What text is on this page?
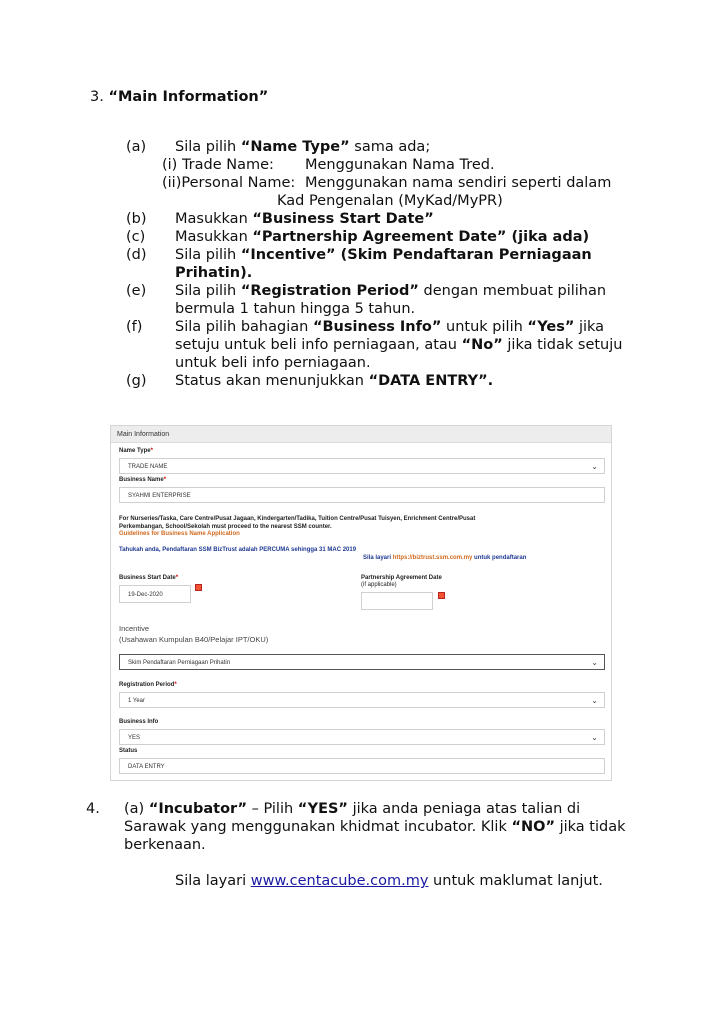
3. “Main Information”
(a) Sila pilih “Name Type” sama ada;
(i) Trade Name: Menggunakan Nama Tred.
(ii)Personal Name: Menggunakan nama sendiri seperti dalam
Kad Pengenalan (MyKad/MyPR)
(b) Masukkan “Business Start Date”
(c)	Masukkan “Partnership Agreement Date” (jika ada)
(d) Sila pilih “Incentive” (Skim Pendaftaran Perniagaan
Prihatin).
(e) Sila pilih “Registration Period” dengan membuat pilihan
bermula 1 tahun hingga 5 tahun.
(f)	Sila pilih bahagian “Business Info” untuk pilih “Yes” jika
setuju untuk beli info perniagaan, atau “No” jika tidak setuju
untuk beli info perniagaan.
(g) Status akan menunjukkan “DATA ENTRY”.
Main Information
Name Type*
TRADE NAME	⌄
Business Name*
SYAHMI ENTERPRISE
For Nurseries/Taska, Care Centre/Pusat Jagaan, Kindergarten/Tadika, Tuition Centre/Pusat Tuisyen, Enrichment Centre/Pusat
Perkembangan, School/Sekolah must proceed to the nearest SSM counter.
Guidelines for Business Name Application
Tahukah anda, Pendaftaran SSM BizTrust adalah PERCUMA sehingga 31 MAC 2019
Sila layari https://biztrust.ssm.com.my untuk pendaftaran
Business Start Date*
19-Dec-2020
Partnership Agreement Date
(if applicable)
Incentive
(Usahawan Kumpulan B40/Pelajar IPT/OKU)
Skim Pendaftaran Perniagaan Prihatin	⌄
Registration Period*
1 Year	⌄
Business Info
YES	⌄
Status
DATA ENTRY
4. (a) “Incubator” – Pilih “YES” jika anda peniaga atas talian di
Sarawak yang menggunakan khidmat incubator. Klik “NO” jika tidak
berkenaan.
Sila layari www.centacube.com.my untuk maklumat lanjut.
